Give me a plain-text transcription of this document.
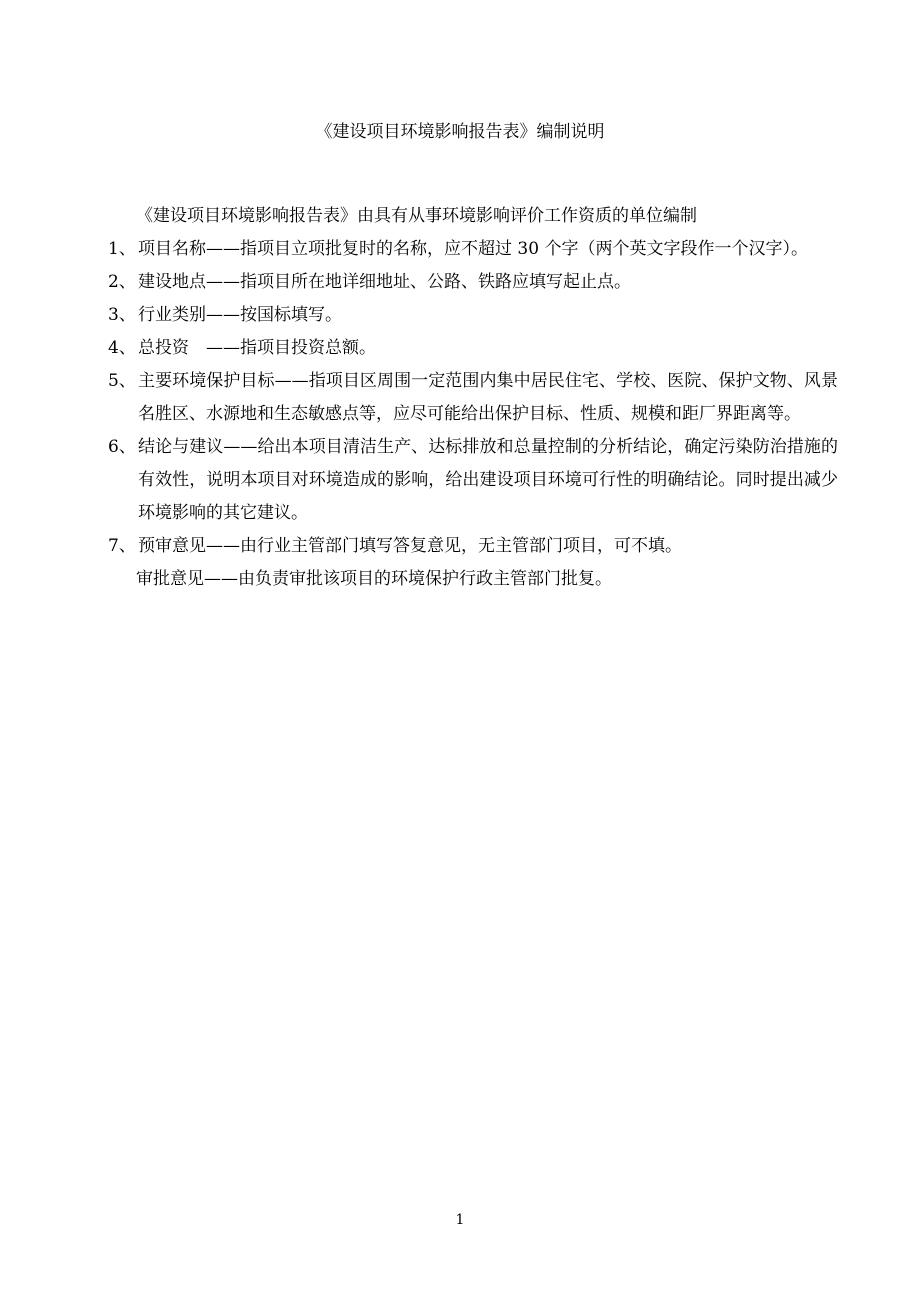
《建设项目环境影响报告表》编制说明
《建设项目环境影响报告表》由具有从事环境影响评价工作资质的单位编制
1、 项目名称——指项目立项批复时的名称，应不超过 30 个字（两个英文字段作一个汉字）。
2、 建设地点——指项目所在地详细地址、公路、铁路应填写起止点。
3、 行业类别——按国标填写。
4、 总投资　——指项目投资总额。
5、 主要环境保护目标——指项目区周围一定范围内集中居民住宅、学校、医院、保护文物、风景名胜区、水源地和生态敏感点等，应尽可能给出保护目标、性质、规模和距厂界距离等。
6、 结论与建议——给出本项目清洁生产、达标排放和总量控制的分析结论，确定污染防治措施的有效性，说明本项目对环境造成的影响，给出建设项目环境可行性的明确结论。同时提出减少环境影响的其它建议。
7、 预审意见——由行业主管部门填写答复意见，无主管部门项目，可不填。
审批意见——由负责审批该项目的环境保护行政主管部门批复。
1
